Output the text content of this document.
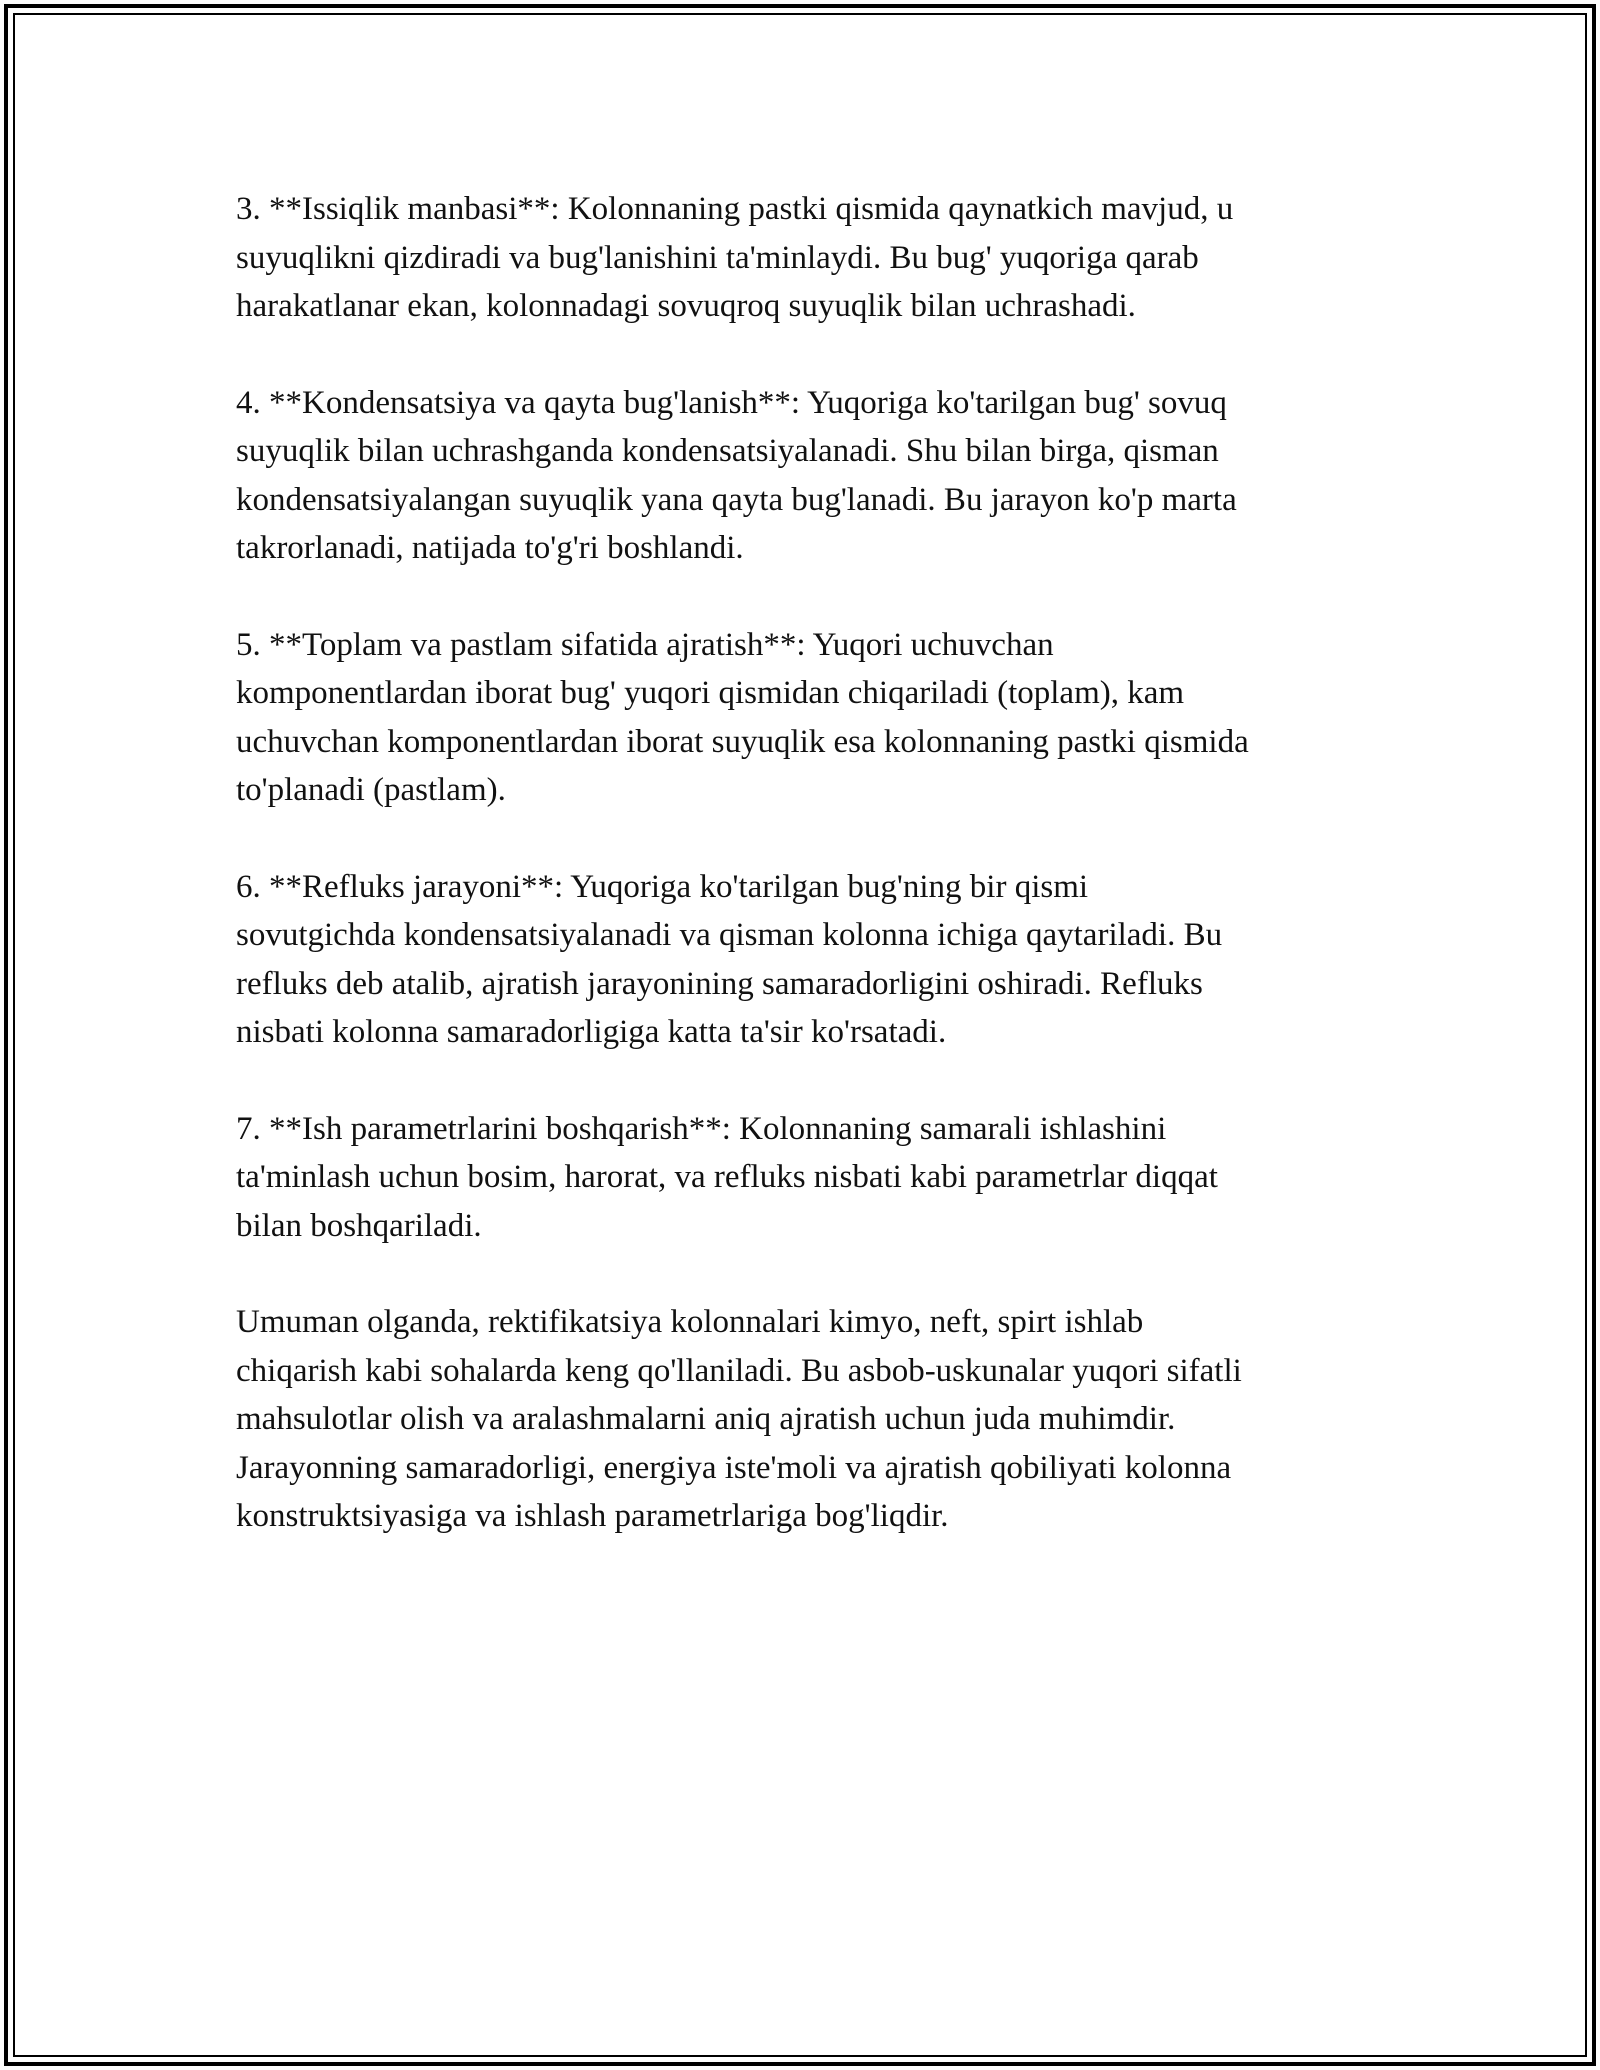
3. **Issiqlik manbasi**: Kolonnaning pastki qismida qaynatkich mavjud, u
suyuqlikni qizdiradi va bug'lanishini ta'minlaydi. Bu bug' yuqoriga qarab
harakatlanar ekan, kolonnadagi sovuqroq suyuqlik bilan uchrashadi.

4. **Kondensatsiya va qayta bug'lanish**: Yuqoriga ko'tarilgan bug' sovuq
suyuqlik bilan uchrashganda kondensatsiyalanadi. Shu bilan birga, qisman
kondensatsiyalangan suyuqlik yana qayta bug'lanadi. Bu jarayon ko'p marta
takrorlanadi, natijada to'g'ri boshlandi.

5. **Toplam va pastlam sifatida ajratish**: Yuqori uchuvchan
komponentlardan iborat bug' yuqori qismidan chiqariladi (toplam), kam
uchuvchan komponentlardan iborat suyuqlik esa kolonnaning pastki qismida
to'planadi (pastlam).

6. **Refluks jarayoni**: Yuqoriga ko'tarilgan bug'ning bir qismi
sovutgichda kondensatsiyalanadi va qisman kolonna ichiga qaytariladi. Bu
refluks deb atalib, ajratish jarayonining samaradorligini oshiradi. Refluks
nisbati kolonna samaradorligiga katta ta'sir ko'rsatadi.

7. **Ish parametrlarini boshqarish**: Kolonnaning samarali ishlashini
ta'minlash uchun bosim, harorat, va refluks nisbati kabi parametrlar diqqat
bilan boshqariladi.

Umuman olganda, rektifikatsiya kolonnalari kimyo, neft, spirt ishlab
chiqarish kabi sohalarda keng qo'llaniladi. Bu asbob-uskunalar yuqori sifatli
mahsulotlar olish va aralashmalarni aniq ajratish uchun juda muhimdir.
Jarayonning samaradorligi, energiya iste'moli va ajratish qobiliyati kolonna
konstruktsiyasiga va ishlash parametrlariga bog'liqdir.
